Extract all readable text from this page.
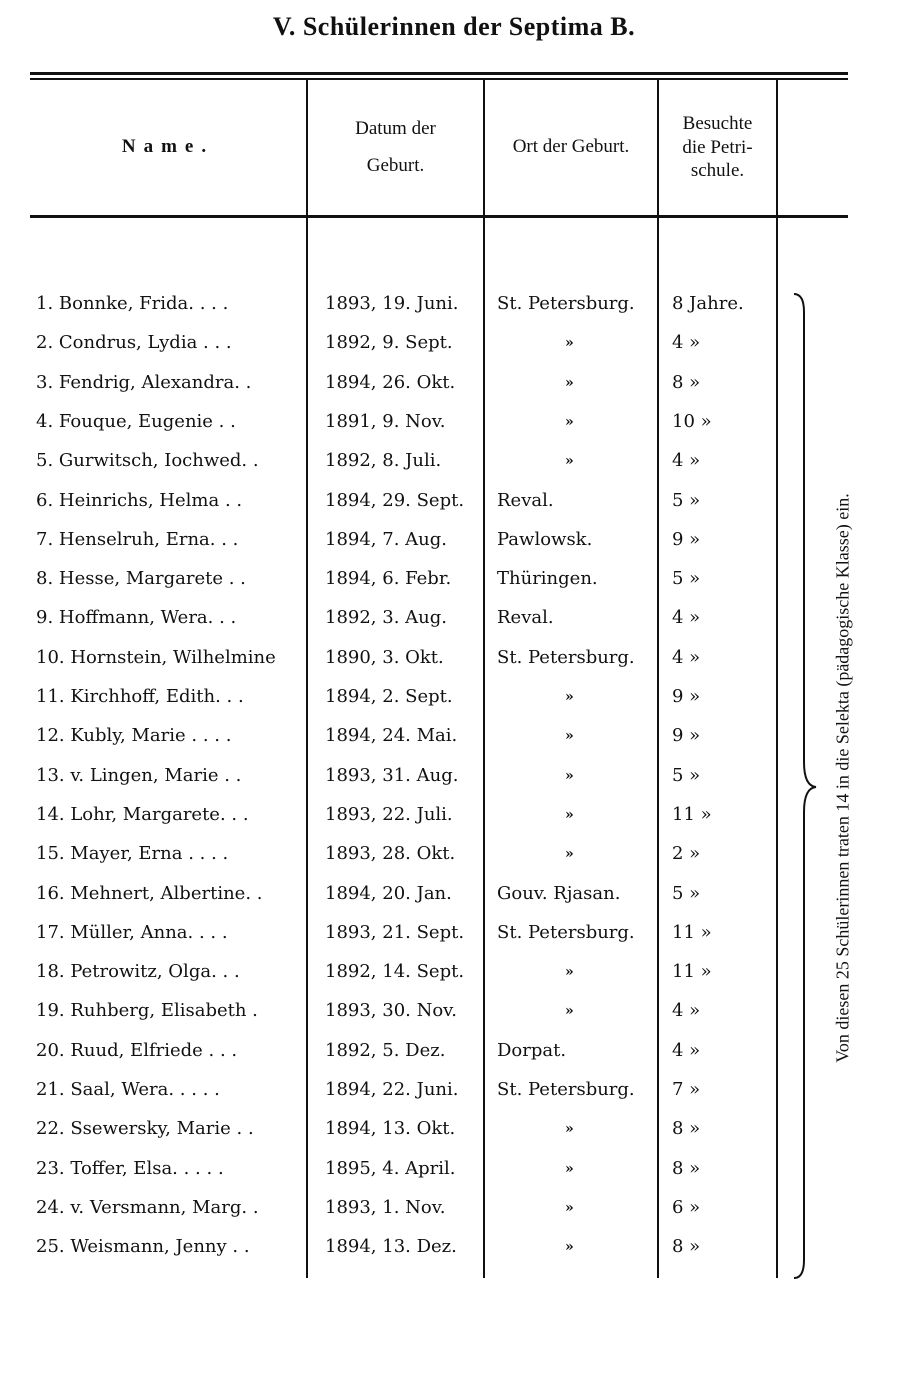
V. Schülerinnen der Septima B.
Name.
Datum der
Geburt.
Ort der Geburt.
Besuchte
die Petri-
schule.
1. Bonnke, Frida. . . .	1893, 19. Juni. St. Petersburg. 8 Jahre.
2. Condrus, Lydia . . .	1892, 9. Sept.	»	4 »
3. Fendrig, Alexandra. .	1894, 26. Okt.	»	8 »
4. Fouque, Eugenie . .	1891, 9. Nov.	»	10 »
5. Gurwitsch, Iochwed. .	1892, 8. Juli.	»	4 »
6. Heinrichs, Helma . .	1894, 29. Sept. Reval.	5 »
7. Henselruh, Erna. . .	1894, 7. Aug.	Pawlowsk.	9 »
8. Hesse, Margarete . .	1894, 6. Febr.	Thüringen.	5 »
9. Hoffmann, Wera. . .	1892, 3. Aug.	Reval.	4 »
10. Hornstein, Wilhelmine	1890, 3. Okt.	St. Petersburg. 4 »
11. Kirchhoff, Edith. . .	1894, 2. Sept.	»	9 »
12. Kubly, Marie . . . .	1894, 24. Mai.	»	9 »
13. v. Lingen, Marie . .	1893, 31. Aug.	»	5 »
14. Lohr, Margarete. . .	1893, 22. Juli.	»	11 »
15. Mayer, Erna . . . .	1893, 28. Okt.	»	2 »
16. Mehnert, Albertine. .	1894, 20. Jan.	Gouv. Rjasan.	5 »
17. Müller, Anna. . . .	1893, 21. Sept. St. Petersburg. 11 »
18. Petrowitz, Olga. . .	1892, 14. Sept.	»	11 »
19. Ruhberg, Elisabeth .	1893, 30. Nov.	»	4 »
20. Ruud, Elfriede . . .	1892, 5. Dez.	Dorpat.	4 »
21. Saal, Wera. . . . .	1894, 22. Juni. St. Petersburg. 7 »
22. Ssewersky, Marie . .	1894, 13. Okt.	»	8 »
23. Toffer, Elsa. . . . .	1895, 4. April.	»	8 »
24. v. Versmann, Marg. .	1893, 1. Nov.	»	6 »
25. Weismann, Jenny . .	1894, 13. Dez.	»	8 »
Von diesen 25 Schülerinnen traten 14 in die Selekta (pädagogische Klasse) ein.
